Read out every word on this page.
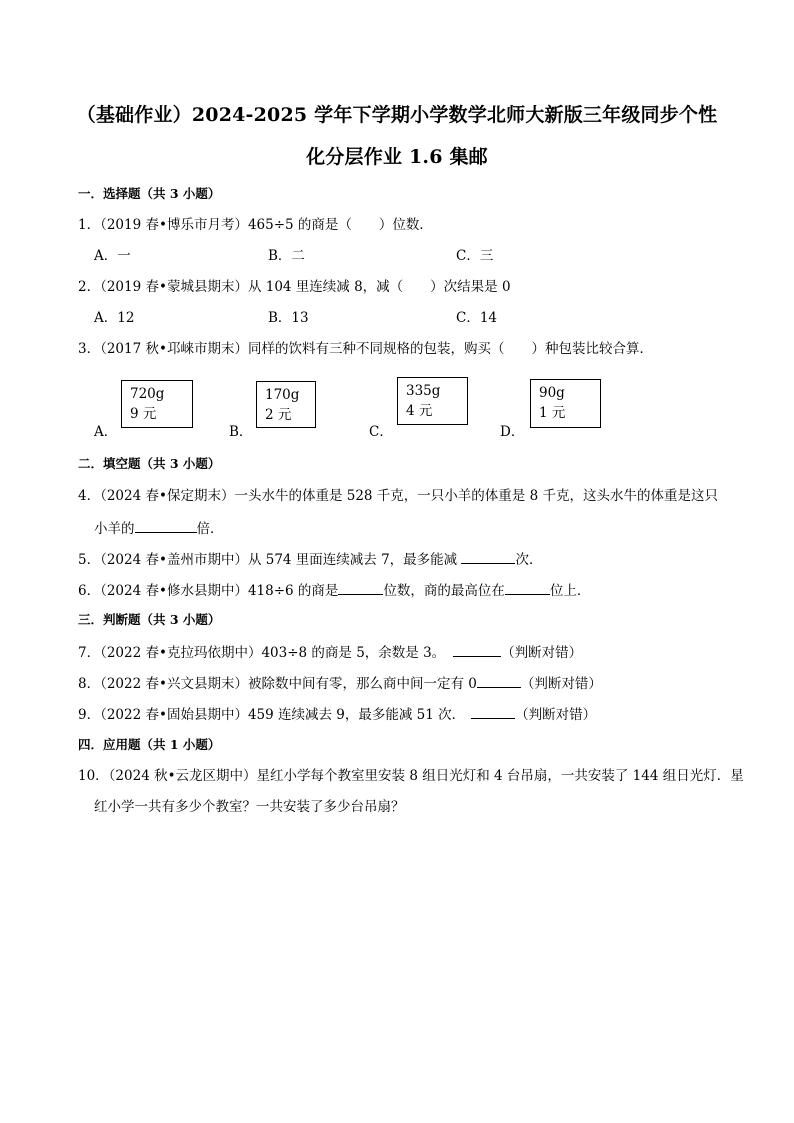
（基础作业）2024-2025 学年下学期小学数学北师大新版三年级同步个性
化分层作业 1.6 集邮
一．选择题（共 3 小题）
1．（2019 春•博乐市月考）465÷5 的商是（　　）位数．
A．一	B．二	C．三
2．（2019 春•蒙城县期末）从 104 里连续减 8，减（　　）次结果是 0
A．12	B．13	C．14
3．（2017 秋•邛崃市期末）同样的饮料有三种不同规格的包装，购买（　　）种包装比较合算．
A．
720g
9 元
B．
170g
2 元
C．
335g
4 元
D．
90g
1 元
二．填空题（共 3 小题）
4．（2024 春•保定期末）一头水牛的体重是 528 千克，一只小羊的体重是 8 千克，这头水牛的体重是这只
小羊的	倍．
5．（2024 春•盖州市期中）从 574 里面连续减去 7，最多能减	次．
6．（2024 春•修水县期中）418÷6 的商是	位数，商的最高位在	位上．
三．判断题（共 3 小题）
7．（2022 春•克拉玛依期中）403÷8 的商是 5，余数是 3。	（判断对错）
8．（2022 春•兴文县期末）被除数中间有零，那么商中间一定有 0	（判断对错）
9．（2022 春•固始县期中）459 连续减去 9，最多能减 51 次．	（判断对错）
四．应用题（共 1 小题）
10．（2024 秋•云龙区期中）星红小学每个教室里安装 8 组日光灯和 4 台吊扇，一共安装了 144 组日光灯．星
红小学一共有多少个教室？一共安装了多少台吊扇？
